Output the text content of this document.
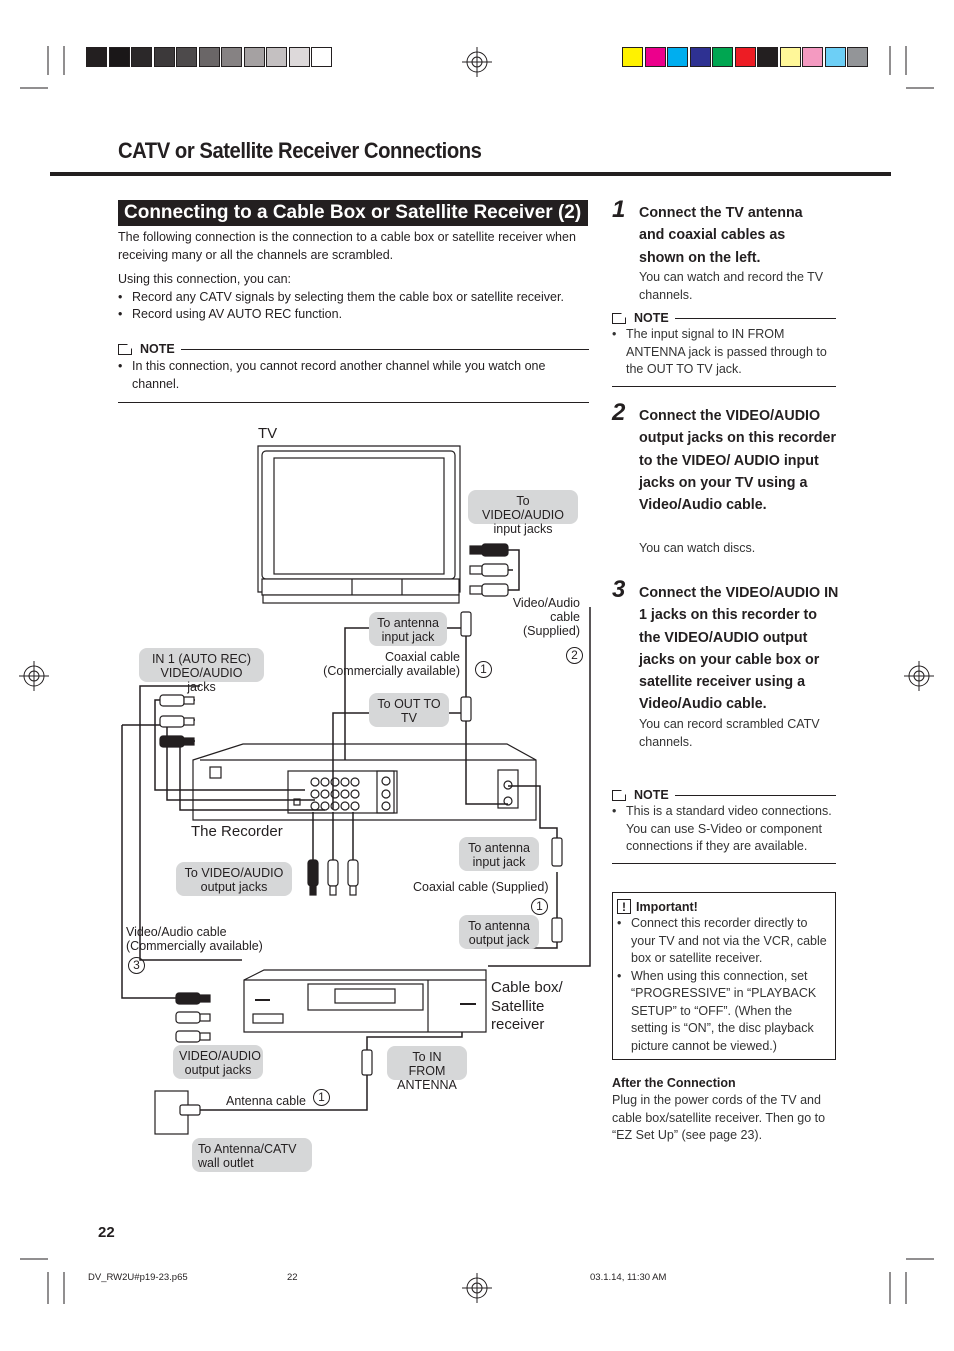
CATV or Satellite Receiver Connections
Connecting to a Cable Box or Satellite Receiver (2)
The following connection is the connection to a cable box or satellite receiver when receiving many or all the channels are scrambled.
Using this connection, you can:
• Record any CATV signals by selecting them the cable box or satellite receiver.
• Record using AV AUTO REC function.
NOTE
• In this connection, you cannot record another channel while you watch one channel.
TV
The Recorder
Cable box/ Satellite receiver
To VIDEO/AUDIO input jacks
To antenna input jack
To OUT TO TV
IN 1 (AUTO REC) VIDEO/AUDIO jacks
To VIDEO/AUDIO output jacks
To antenna input jack
To antenna output jack
VIDEO/AUDIO output jacks
To IN FROM ANTENNA
To Antenna/CATV wall outlet
Video/Audio cable (Supplied)
Coaxial cable (Commercially available)
Coaxial cable (Supplied)
Video/Audio cable (Commercially available)
Antenna cable
1
2
1
3
1
1 Connect the TV antenna and coaxial cables as shown on the left.
You can watch and record the TV channels.
NOTE
• The input signal to IN FROM ANTENNA jack is passed through to the OUT TO TV jack.
2 Connect the VIDEO/AUDIO output jacks on this recorder to the VIDEO/ AUDIO input jacks on your TV using a Video/Audio cable.
You can watch discs.
3 Connect the VIDEO/AUDIO IN 1 jacks on this recorder to the VIDEO/AUDIO output jacks on your cable box or satellite receiver using a Video/Audio cable.
You can record scrambled CATV channels.
NOTE
• This is a standard video connections. You can use S-Video or component connections if they are available.
! Important!
• Connect this recorder directly to your TV and not via the VCR, cable box or satellite receiver.
• When using this connection, set “PROGRESSIVE” in “PLAYBACK SETUP” to “OFF”. (When the setting is “ON”, the disc playback picture cannot be viewed.)
After the Connection
Plug in the power cords of the TV and cable box/satellite receiver. Then go to “EZ Set Up” (see page 23).
22
DV_RW2U#p19-23.p65	22	03.1.14, 11:30 AM
